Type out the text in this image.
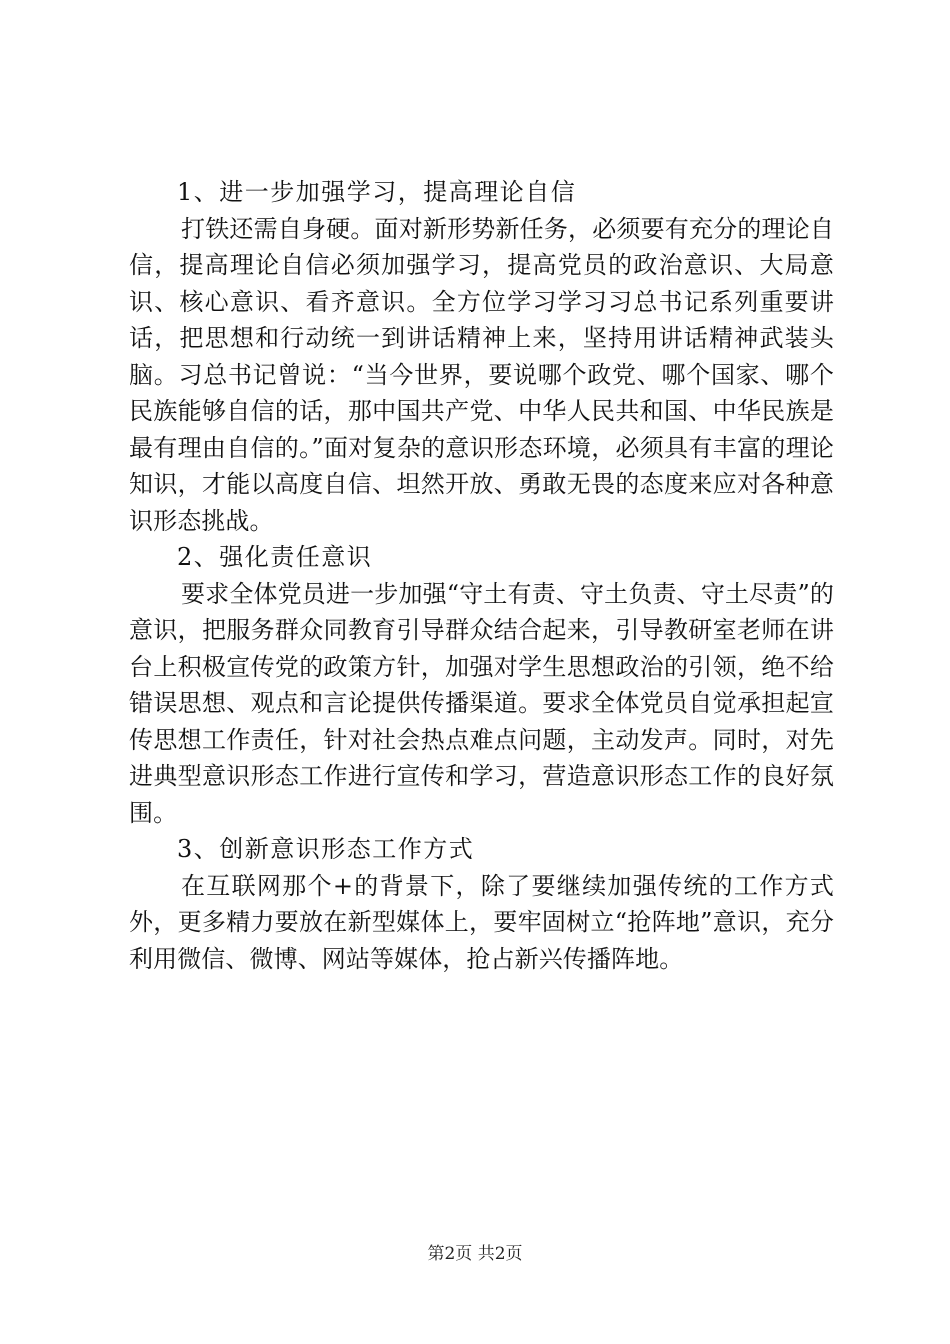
1、进一步加强学习，提高理论自信

打铁还需自身硬。面对新形势新任务，必须要有充分的理论自信，提高理论自信必须加强学习，提高党员的政治意识、大局意识、核心意识、看齐意识。全方位学习学习习总书记系列重要讲话，把思想和行动统一到讲话精神上来，坚持用讲话精神武装头脑。习总书记曾说：“当今世界，要说哪个政党、哪个国家、哪个民族能够自信的话，那中国共产党、中华人民共和国、中华民族是最有理由自信的。”面对复杂的意识形态环境，必须具有丰富的理论知识，才能以高度自信、坦然开放、勇敢无畏的态度来应对各种意识形态挑战。

2、强化责任意识

要求全体党员进一步加强“守土有责、守土负责、守土尽责”的意识，把服务群众同教育引导群众结合起来，引导教研室老师在讲台上积极宣传党的政策方针，加强对学生思想政治的引领，绝不给错误思想、观点和言论提供传播渠道。要求全体党员自觉承担起宣传思想工作责任，针对社会热点难点问题，主动发声。同时，对先进典型意识形态工作进行宣传和学习，营造意识形态工作的良好氛围。

3、创新意识形态工作方式

在互联网那个+的背景下，除了要继续加强传统的工作方式外，更多精力要放在新型媒体上，要牢固树立“抢阵地”意识，充分利用微信、微博、网站等媒体，抢占新兴传播阵地。

第2页 共2页
